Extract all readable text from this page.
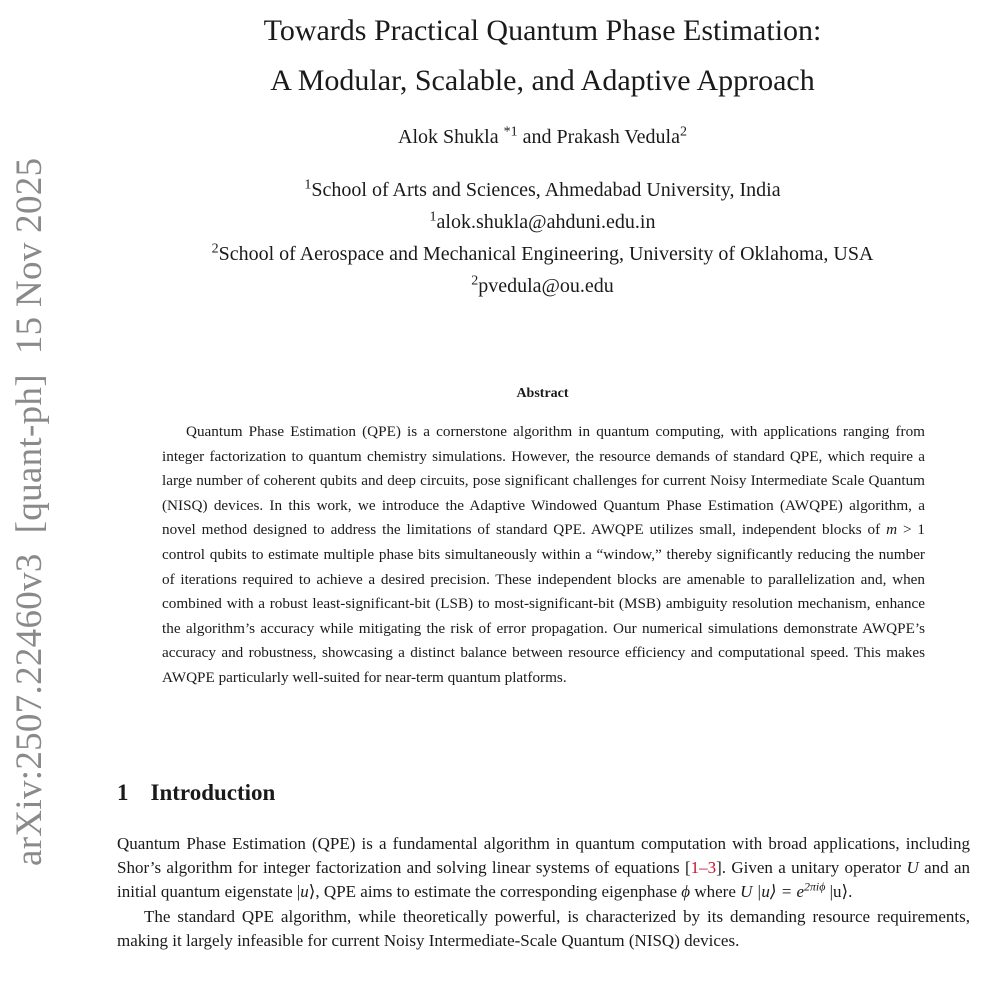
arXiv:2507.22460v3[quant-ph]15 Nov 2025
Towards Practical Quantum Phase Estimation:
A Modular, Scalable, and Adaptive Approach
Alok Shukla $^{*1}$ and Prakash Vedula$^2$
$^1$School of Arts and Sciences, Ahmedabad University, India
$^1$alok.shukla@ahduni.edu.in
$^2$School of Aerospace and Mechanical Engineering, University of Oklahoma, USA
$^2$pvedula@ou.edu
Abstract
Quantum Phase Estimation (QPE) is a cornerstone algorithm in quantum computing, with applications ranging from integer factorization to quantum chemistry simulations. However, the resource demands of standard QPE, which require a large number of coherent qubits and deep circuits, pose significant challenges for current Noisy Intermediate Scale Quantum (NISQ) devices. In this work, we introduce the Adaptive Windowed Quantum Phase Estimation (AWQPE) algorithm, a novel method designed to address the limitations of standard QPE. AWQPE utilizes small, independent blocks of m > 1 control qubits to estimate multiple phase bits simultaneously within a “window,” thereby significantly reducing the number of iterations required to achieve a desired precision. These independent blocks are amenable to parallelization and, when combined with a robust least-significant-bit (LSB) to most-significant-bit (MSB) ambiguity resolution mechanism, enhance the algorithm’s accuracy while mitigating the risk of error propagation. Our numerical simulations demonstrate AWQPE’s accuracy and robustness, showcasing a distinct balance between resource efficiency and computational speed. This makes AWQPE particularly well-suited for near-term quantum platforms.
1 Introduction

Quantum Phase Estimation (QPE) is a fundamental algorithm in quantum computation with broad applications, including Shor’s algorithm for integer factorization and solving linear systems of equations [1–3]. Given a unitary operator U and an initial quantum eigenstate |u⟩, QPE aims to estimate the corresponding eigenphase ϕ where U |u⟩ = $e^{2\pi i\phi}$ |u⟩.

The standard QPE algorithm, while theoretically powerful, is characterized by its demanding resource requirements, making it largely infeasible for current Noisy Intermediate-Scale Quantum (NISQ) devices.
